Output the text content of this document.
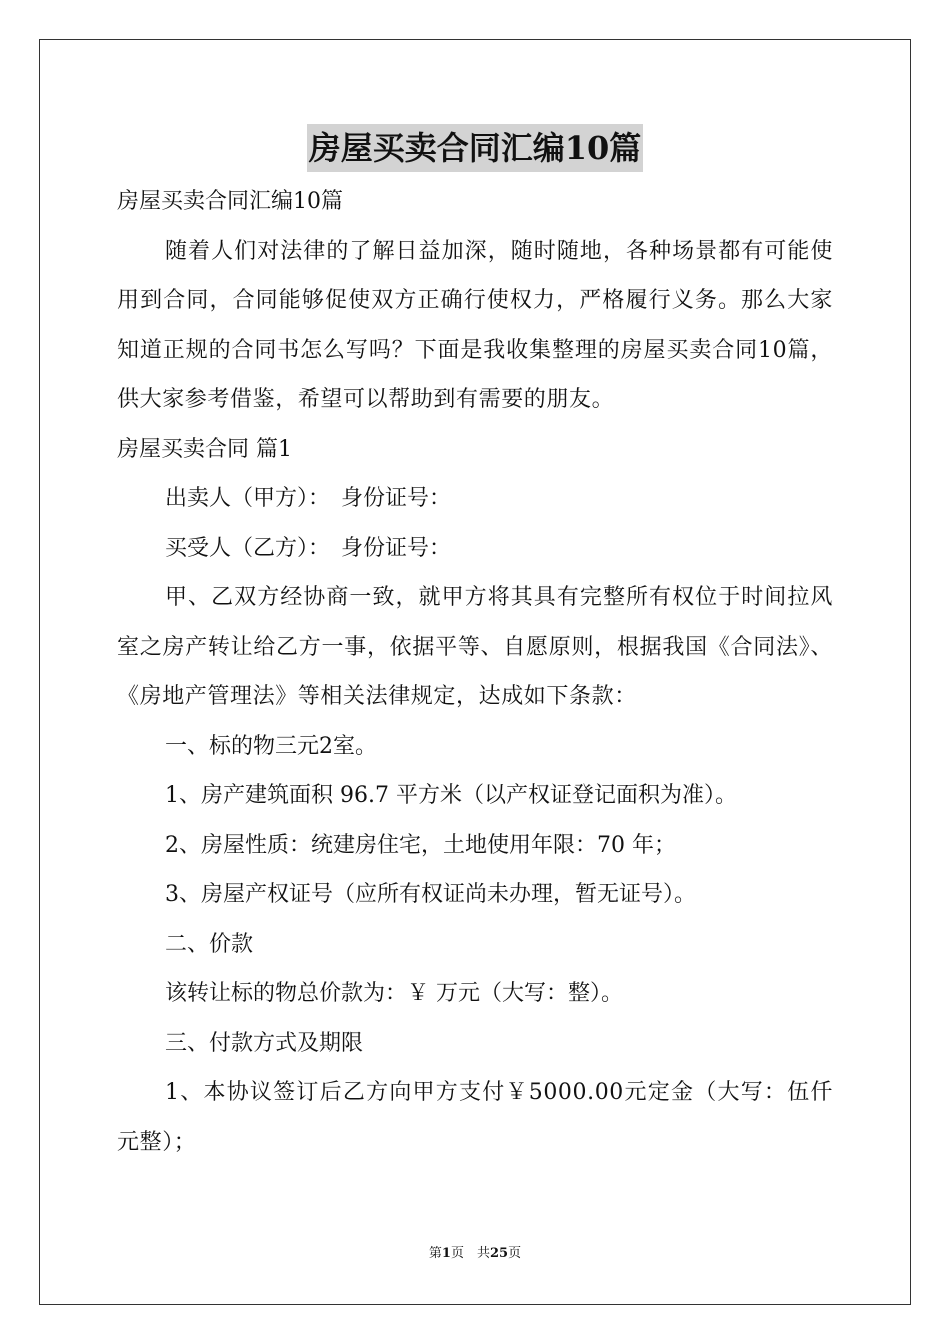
房屋买卖合同汇编10篇

房屋买卖合同汇编10篇

随着人们对法律的了解日益加深，随时随地，各种场景都有可能使用到合同，合同能够促使双方正确行使权力，严格履行义务。那么大家知道正规的合同书怎么写吗？下面是我收集整理的房屋买卖合同10篇，供大家参考借鉴，希望可以帮助到有需要的朋友。

房屋买卖合同 篇1

出卖人（甲方）：　身份证号：

买受人（乙方）：　身份证号：

甲、乙双方经协商一致，就甲方将其具有完整所有权位于时间拉风 室之房产转让给乙方一事，依据平等、自愿原则，根据我国《合同法》、《房地产管理法》等相关法律规定，达成如下条款：

一、标的物三元2室。

1、房产建筑面积 96.7 平方米（以产权证登记面积为准）。

2、房屋性质：统建房住宅，土地使用年限：70 年；

3、房屋产权证号（应所有权证尚未办理，暂无证号）。

二、价款

该转让标的物总价款为：￥ 万元（大写：整）。

三、付款方式及期限

1、本协议签订后乙方向甲方支付￥5000.00元定金（大写：伍仟元整）；

第1页　共25页
